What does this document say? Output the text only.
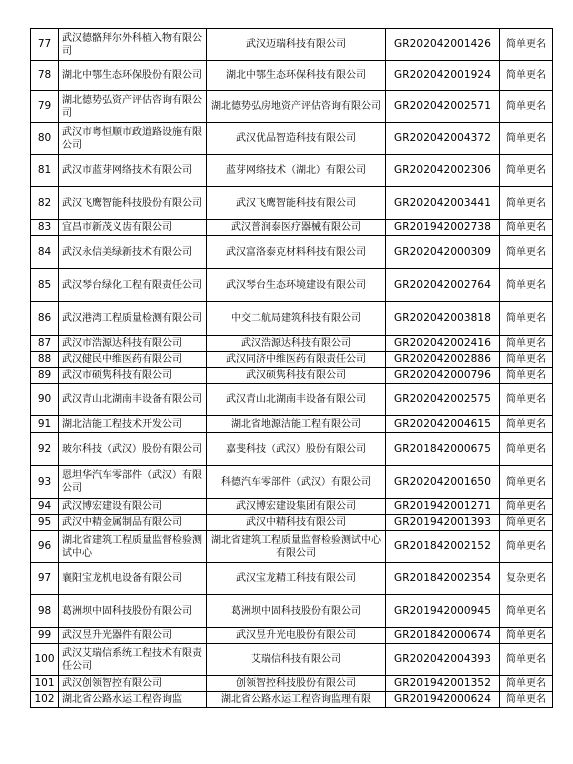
77	武汉德骼拜尔外科植入物有限公司	武汉迈瑞科技有限公司	GR202042001426	简单更名
78	湖北中鄂生态环保股份有限公司	湖北中鄂生态环保科技有限公司	GR202042001924	简单更名
79	湖北德势弘资产评估咨询有限公司	湖北德势弘房地资产评估咨询有限公司	GR202042002571	简单更名
80	武汉市粤恒顺市政道路设施有限公司	武汉优品智造科技有限公司	GR202042004372	简单更名
81	武汉市蓝芽网络技术有限公司	蓝芽网络技术（湖北）有限公司	GR202042002306	简单更名
82	武汉飞鹰智能科技股份有限公司	武汉飞鹰智能科技有限公司	GR202042003441	简单更名
83	宜昌市新茂义齿有限公司	武汉普润泰医疗器械有限公司	GR201942002738	简单更名
84	武汉永信美绿新技术有限公司	武汉富洛泰克材料科技有限公司	GR202042000309	简单更名
85	武汉琴台绿化工程有限责任公司	武汉琴台生态环境建设有限公司	GR202042002764	简单更名
86	武汉港湾工程质量检测有限公司	中交二航局建筑科技有限公司	GR202042003818	简单更名
87	武汉市浩源达科技有限公司	武汉浩源达科技有限公司	GR202042002416	简单更名
88	武汉健民中维医药有限公司	武汉同济中维医药有限责任公司	GR202042002886	简单更名
89	武汉市硕隽科技有限公司	武汉硕隽科技有限公司	GR202042000796	简单更名
90	武汉青山北湖南丰设备有限公司	武汉青山北湖南丰设备有限公司	GR202042002575	简单更名
91	湖北洁能工程技术开发公司	湖北省地源洁能工程有限公司	GR202042004615	简单更名
92	玻尔科技（武汉）股份有限公司	嘉斐科技（武汉）股份有限公司	GR201842000675	简单更名
93	恩坦华汽车零部件（武汉）有限公司	科德汽车零部件（武汉）有限公司	GR202042001650	简单更名
94	武汉博宏建设有限公司	武汉博宏建设集团有限公司	GR201942001271	简单更名
95	武汉中精金属制品有限公司	武汉中精科技有限公司	GR201942001393	简单更名
96	湖北省建筑工程质量监督检验测试中心	湖北省建筑工程质量监督检验测试中心有限公司	GR201842002152	简单更名
97	襄阳宝龙机电设备有限公司	武汉宝龙精工科技有限公司	GR201842002354	复杂更名
98	葛洲坝中固科技股份有限公司	葛洲坝中固科技股份有限公司	GR201942000945	简单更名
99	武汉昱升光器件有限公司	武汉昱升光电股份有限公司	GR201842000674	简单更名
100	武汉艾瑞信系统工程技术有限责任公司	艾瑞信科技有限公司	GR202042004393	简单更名
101	武汉创领智控有限公司	创领智控科技股份有限公司	GR201942001352	简单更名
102	湖北省公路水运工程咨询监	湖北省公路水运工程咨询监理有限	GR201942000624	简单更名
